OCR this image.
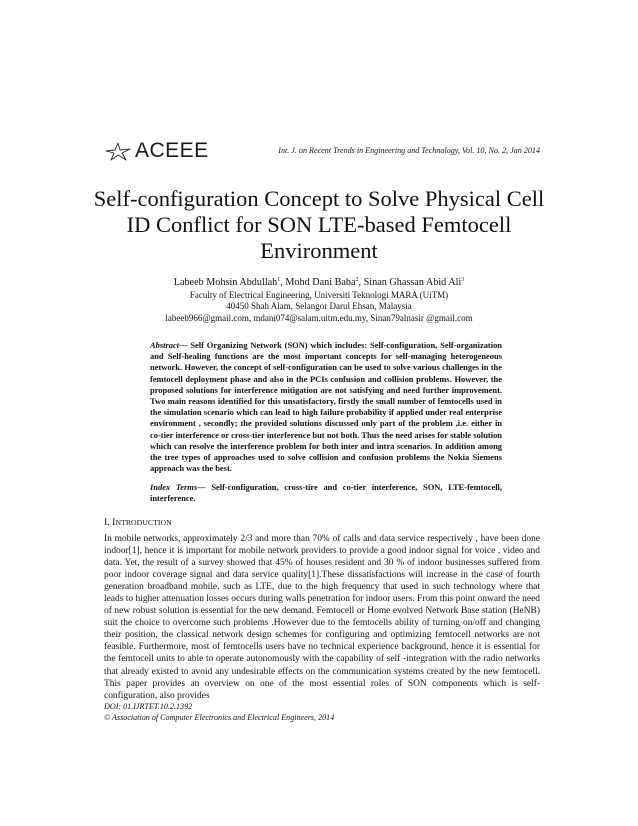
ACEEE	Int. J. on Recent Trends in Engineering and Technology, Vol. 10, No. 2, Jan 2014
Self-configuration Concept to Solve Physical Cell ID Conflict for SON LTE-based Femtocell Environment
Labeeb Mohsin Abdullah$^1$, Mohd Dani Baba$^2$, Sinan Ghassan Abid Ali$^3$
Faculty of Electrical Engineering, Universiti Teknologi MARA (UiTM)
40450 Shah Alam, Selangor Darul Ehsan, Malaysia
labeeb966@gmail.com, mdani074@salam.uitm.edu.my, Sinan79alnasir @gmail.com

Abstract— Self Organizing Network (SON) which includes: Self-configuration, Self-organization and Self-healing functions are the most important concepts for self-managing heterogeneous network. However, the concept of self-configuration can be used to solve various challenges in the femtocell deployment phase and also in the PCIs confusion and collision problems. However, the proposed solutions for interference mitigation are not satisfying and need further improvement. Two main reasons identified for this unsatisfactory, firstly the small number of femtocells used in the simulation scenario which can lead to high failure probability if applied under real enterprise environment , secondly; the provided solutions discussed only part of the problem ,i.e. either in co-tier interference or cross-tier interference but not both. Thus the need arises for stable solution which can resolve the interference problem for both inter and intra scenarios. In addition among the tree types of approaches used to solve collision and confusion problems the Nokia Siemens approach was the best.

Index Terms— Self-configuration, cross-tire and co-tier interference, SON, LTE-femtocell, interference.

I. INTRODUCTION

In mobile networks, approximately 2/3 and more than 70% of calls and data service respectively , have been done indoor[1], hence it is important for mobile network providers to provide a good indoor signal for voice , video and data. Yet, the result of a survey showed that 45% of houses resident and 30 % of indoor businesses suffered from poor indoor coverage signal and data service quality[1].These dissatisfactions will increase in the case of fourth generation broadband mobile, such as LTE, due to the high frequency that used in such technology where that leads to higher attenuation losses occurs during walls penetration for indoor users. From this point onward the need of new robust solution is essential for the new demand. Femtocell or Home evolved Network Base station (HeNB) suit the choice to overcome such problems .However due to the femtocells ability of turning on/off and changing their position, the classical network design schemes for configuring and optimizing femtocell networks are not feasible. Furthermore, most of femtocells users have no technical experience background, hence it is essential for the femtocell units to able to operate autonomously with the capability of self -integration with the radio networks that already existed to avoid any undesirable effects on the communication systems created by the new femtocell. This paper provides an overview on one of the most essential roles of SON components which is self-configuration, also provides

DOI: 01.IJRTET.10.2.1392
© Association of Computer Electronics and Electrical Engineers, 2014
